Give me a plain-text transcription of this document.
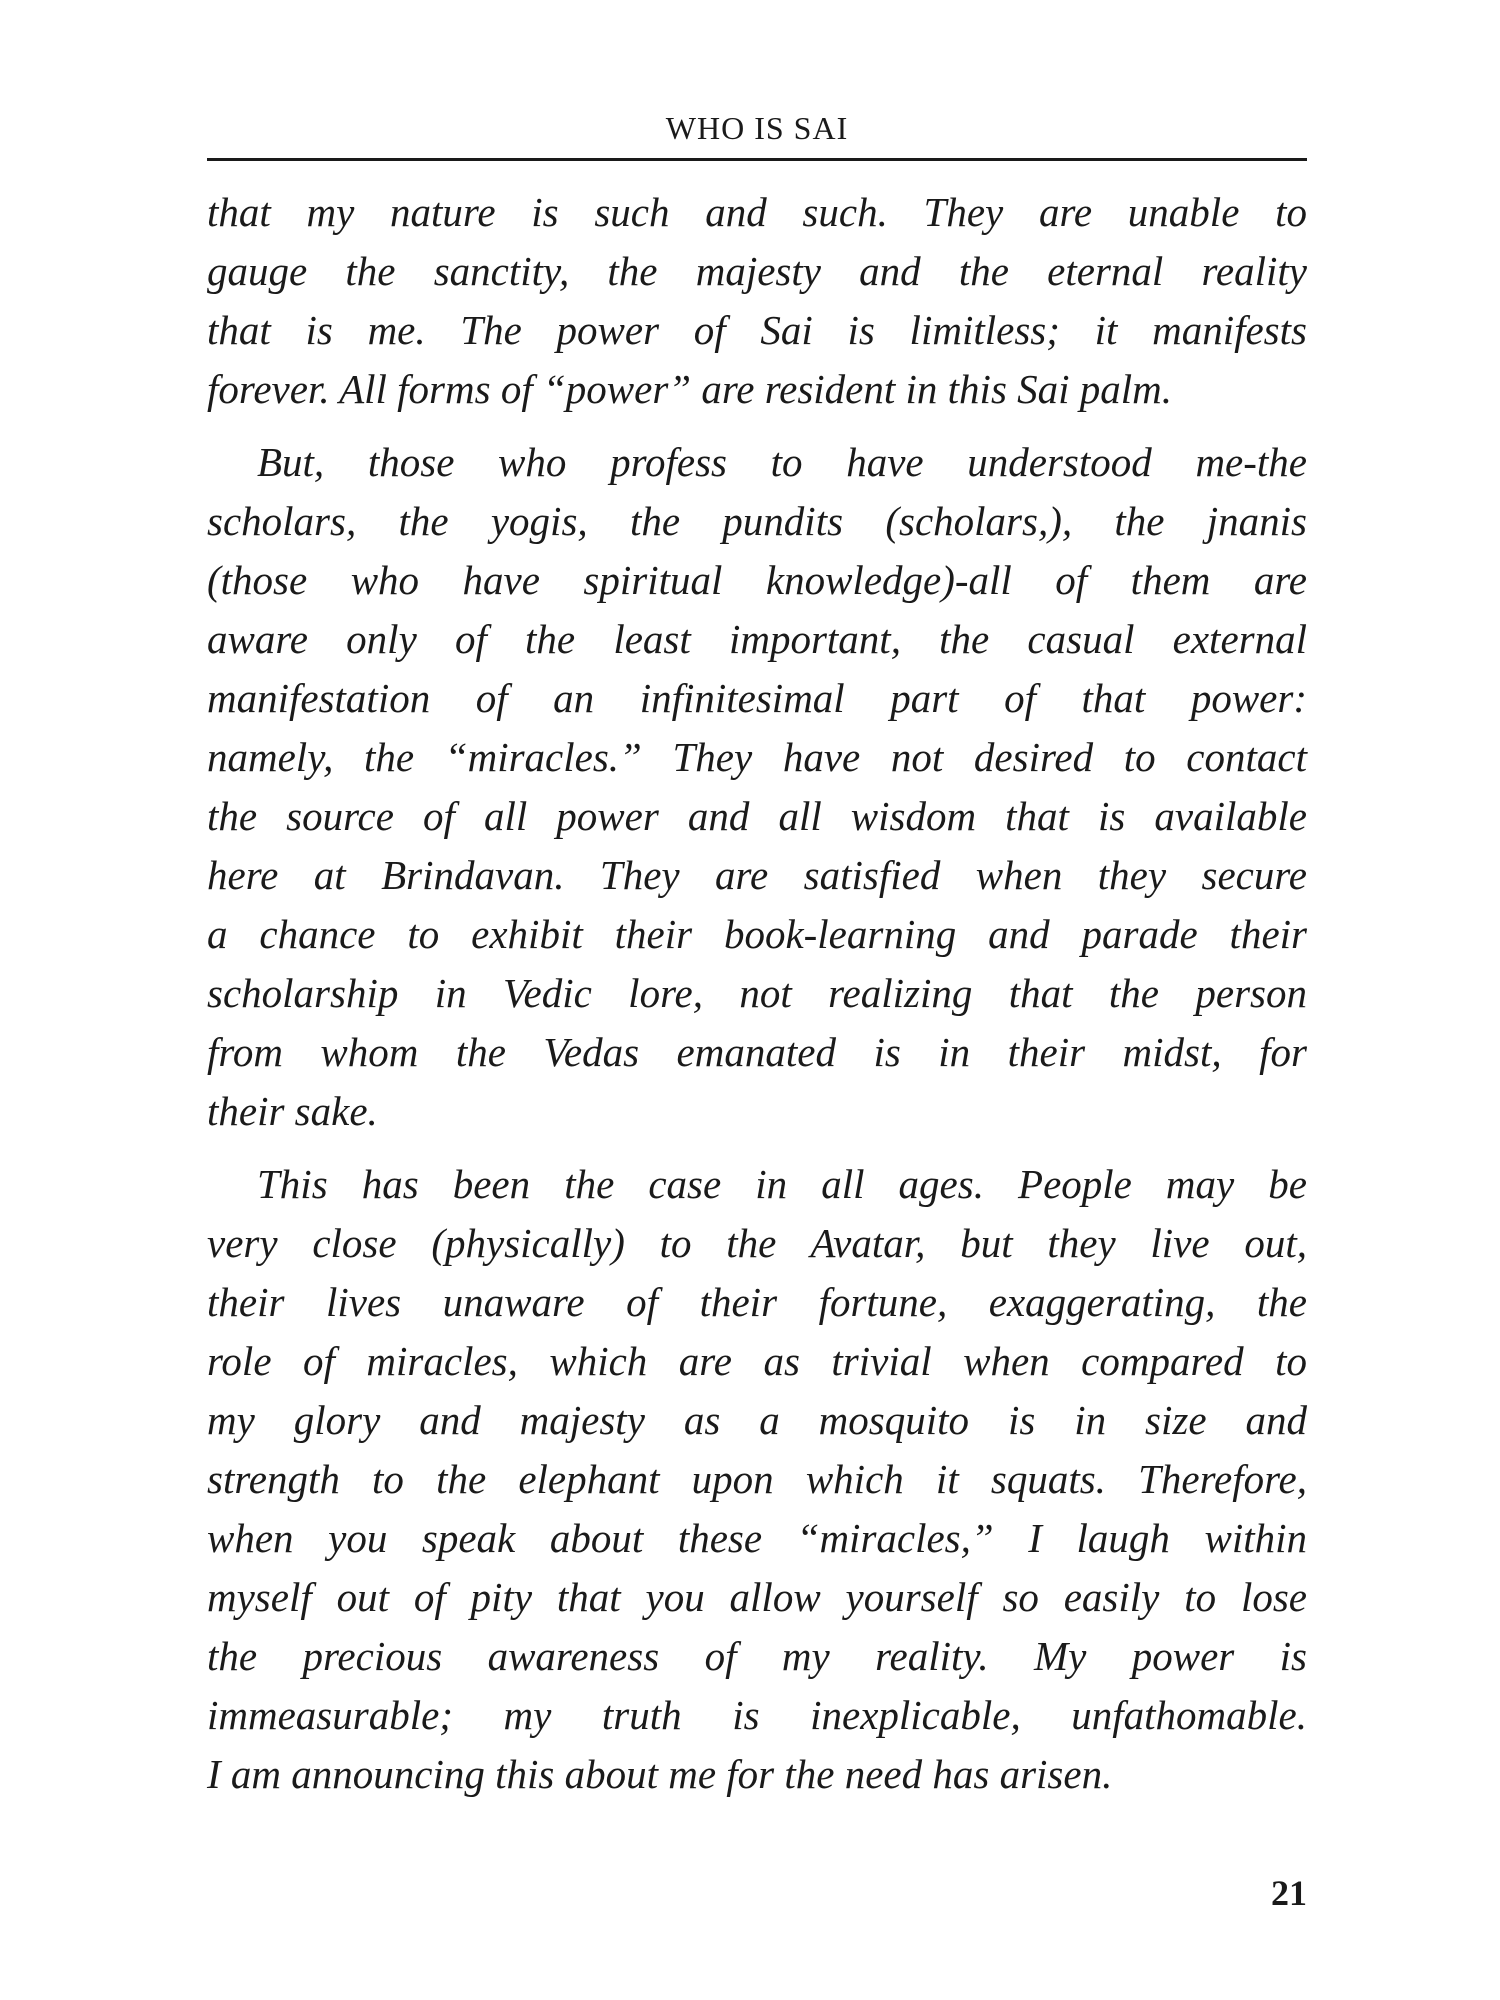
WHO IS SAI
that my nature is such and such. They are unable to
gauge the sanctity, the majesty and the eternal reality
that is me. The power of Sai is limitless; it manifests
forever. All forms of “power” are resident in this Sai palm.
But, those who profess to have understood me-the
scholars, the yogis, the pundits (scholars,), the jnanis
(those who have spiritual knowledge)-all of them are
aware only of the least important, the casual external
manifestation of an infinitesimal part of that power:
namely, the “miracles.” They have not desired to contact
the source of all power and all wisdom that is available
here at Brindavan. They are satisfied when they secure
a chance to exhibit their book-learning and parade their
scholarship in Vedic lore, not realizing that the person
from whom the Vedas emanated is in their midst, for
their sake.
This has been the case in all ages. People may be
very close (physically) to the Avatar, but they live out,
their lives unaware of their fortune, exaggerating, the
role of miracles, which are as trivial when compared to
my glory and majesty as a mosquito is in size and
strength to the elephant upon which it squats. Therefore,
when you speak about these “miracles,” I laugh within
myself out of pity that you allow yourself so easily to lose
the precious awareness of my reality. My power is
immeasurable; my truth is inexplicable, unfathomable.
I am announcing this about me for the need has arisen.
21
